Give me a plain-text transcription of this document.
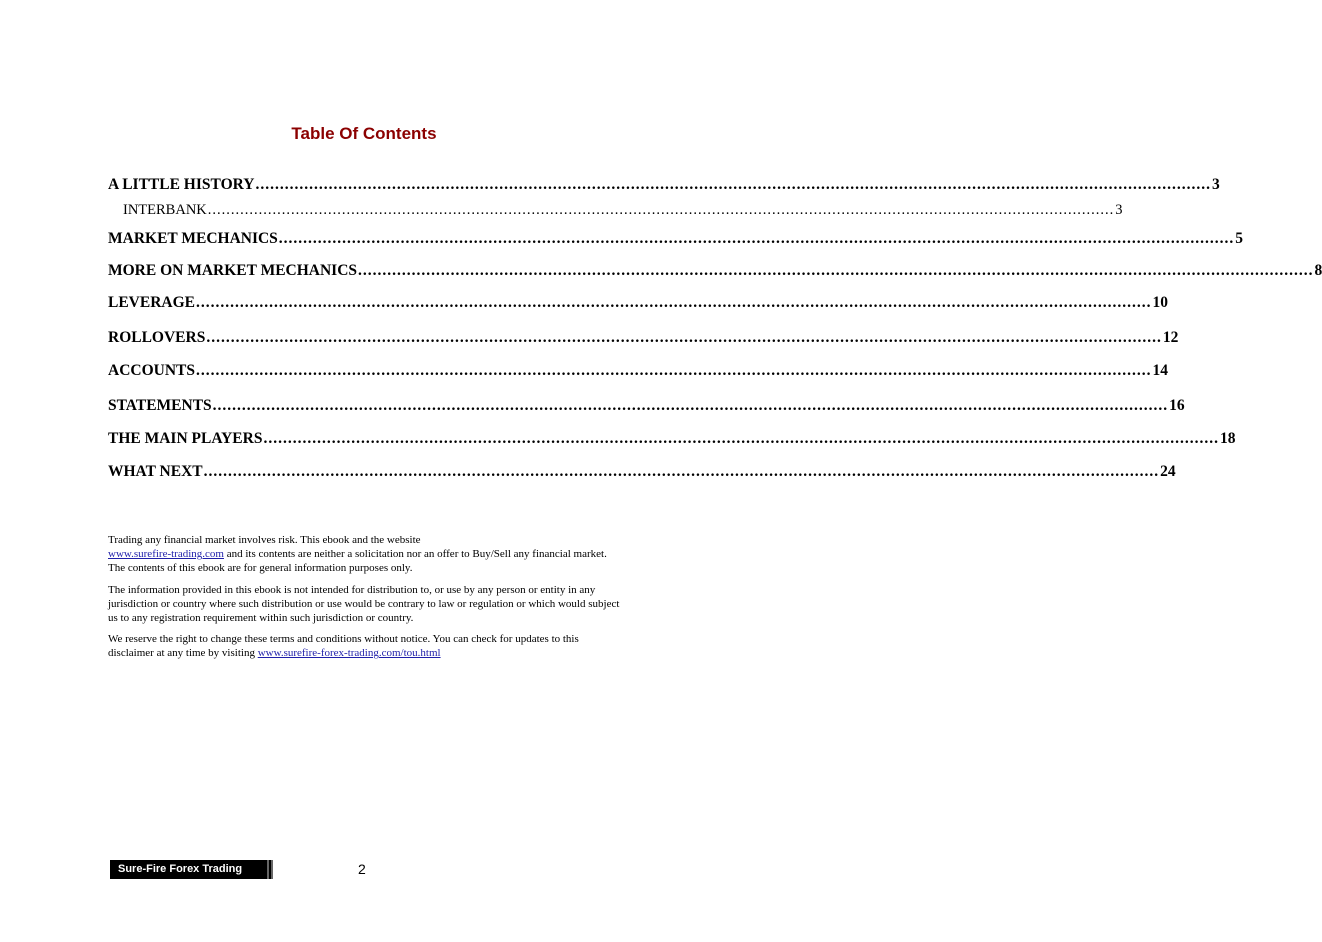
Table Of Contents
A LITTLE HISTORY .................................................................................................................................................................................................... 3
INTERBANK .................................................................................................................................................................................................... 3
MARKET MECHANICS .................................................................................................................................................................................................... 5
MORE ON MARKET MECHANICS .................................................................................................................................................................................................... 8
LEVERAGE .................................................................................................................................................................................................... 10
ROLLOVERS .................................................................................................................................................................................................... 12
ACCOUNTS .................................................................................................................................................................................................... 14
STATEMENTS .................................................................................................................................................................................................... 16
THE MAIN PLAYERS .................................................................................................................................................................................................... 18
WHAT NEXT .................................................................................................................................................................................................... 24

Trading any financial market involves risk. This ebook and the website
www.surefire-trading.com and its contents are neither a solicitation nor an offer to Buy/Sell any financial market. The contents of this ebook are for general information purposes only.

The information provided in this ebook is not intended for distribution to, or use by any person or entity in any jurisdiction or country where such distribution or use would be contrary to law or regulation or which would subject us to any registration requirement within such jurisdiction or country.

We reserve the right to change these terms and conditions without notice. You can check for updates to this disclaimer at any time by visiting www.surefire-forex-trading.com/tou.html

Sure-Fire Forex Trading	2
